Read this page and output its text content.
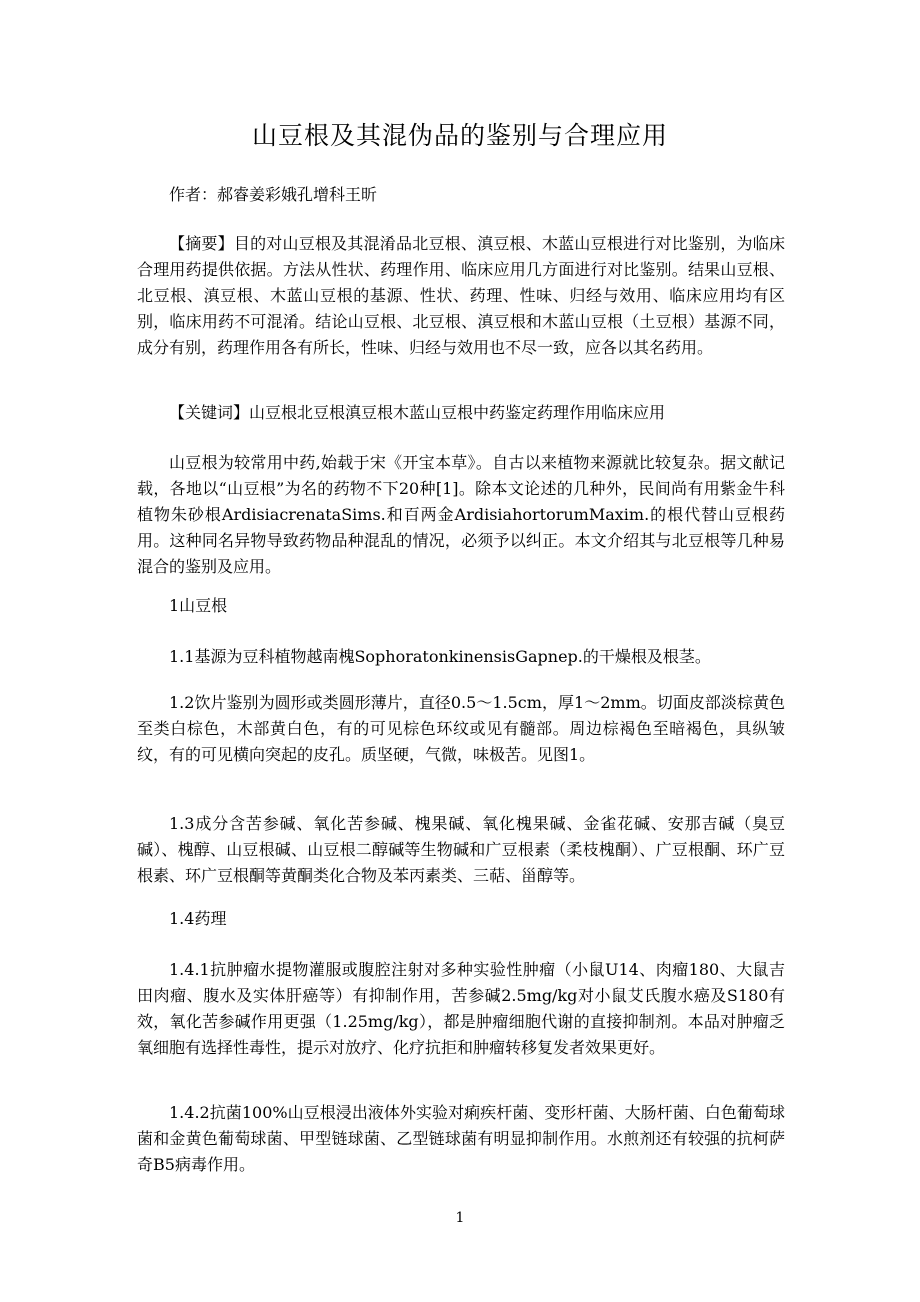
山豆根及其混伪品的鉴别与合理应用

作者：郝睿姜彩娥孔增科王昕

【摘要】目的对山豆根及其混淆品北豆根、滇豆根、木蓝山豆根进行对比鉴别，为临床合理用药提供依据。方法从性状、药理作用、临床应用几方面进行对比鉴别。结果山豆根、北豆根、滇豆根、木蓝山豆根的基源、性状、药理、性味、归经与效用、临床应用均有区别，临床用药不可混淆。结论山豆根、北豆根、滇豆根和木蓝山豆根（土豆根）基源不同，成分有别，药理作用各有所长，性味、归经与效用也不尽一致，应各以其名药用。

【关键词】山豆根北豆根滇豆根木蓝山豆根中药鉴定药理作用临床应用

山豆根为较常用中药,始载于宋《开宝本草》。自古以来植物来源就比较复杂。据文献记载，各地以“山豆根”为名的药物不下20种[1]。除本文论述的几种外，民间尚有用紫金牛科植物朱砂根ArdisiacrenataSims.和百两金ArdisiahortorumMaxim.的根代替山豆根药用。这种同名异物导致药物品种混乱的情况，必须予以纠正。本文介绍其与北豆根等几种易混合的鉴别及应用。

1山豆根

1.1基源为豆科植物越南槐SophoratonkinensisGapnep.的干燥根及根茎。

1.2饮片鉴别为圆形或类圆形薄片，直径0.5～1.5cm，厚1～2mm。切面皮部淡棕黄色至类白棕色，木部黄白色，有的可见棕色环纹或见有髓部。周边棕褐色至暗褐色，具纵皱纹，有的可见横向突起的皮孔。质坚硬，气微，味极苦。见图1。

1.3成分含苦参碱、氧化苦参碱、槐果碱、氧化槐果碱、金雀花碱、安那吉碱（臭豆碱）、槐醇、山豆根碱、山豆根二醇碱等生物碱和广豆根素（柔枝槐酮）、广豆根酮、环广豆根素、环广豆根酮等黄酮类化合物及苯丙素类、三萜、甾醇等。

1.4药理

1.4.1抗肿瘤水提物灌服或腹腔注射对多种实验性肿瘤（小鼠U14、肉瘤180、大鼠吉田肉瘤、腹水及实体肝癌等）有抑制作用，苦参碱2.5mg/kg对小鼠艾氏腹水癌及S180有效，氧化苦参碱作用更强（1.25mg/kg），都是肿瘤细胞代谢的直接抑制剂。本品对肿瘤乏氧细胞有选择性毒性，提示对放疗、化疗抗拒和肿瘤转移复发者效果更好。

1.4.2抗菌100%山豆根浸出液体外实验对痢疾杆菌、变形杆菌、大肠杆菌、白色葡萄球菌和金黄色葡萄球菌、甲型链球菌、乙型链球菌有明显抑制作用。水煎剂还有较强的抗柯萨奇B5病毒作用。

1
